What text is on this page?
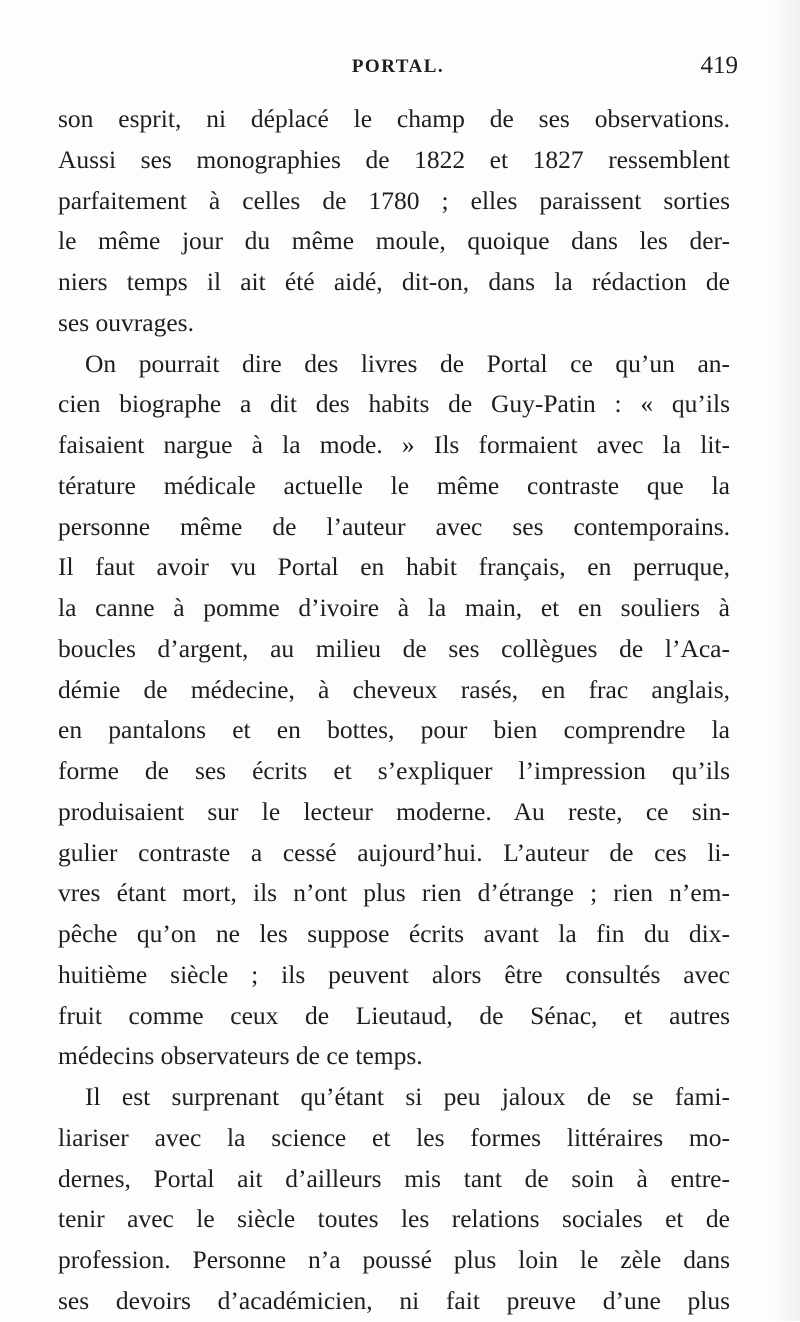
PORTAL.	419
son esprit, ni déplacé le champ de ses observations.
Aussi ses monographies de 1822 et 1827 ressemblent
parfaitement à celles de 1780 ; elles paraissent sorties
le même jour du même moule, quoique dans les der-
niers temps il ait été aidé, dit-on, dans la rédaction de
ses ouvrages.
On pourrait dire des livres de Portal ce qu’un an-
cien biographe a dit des habits de Guy-Patin : « qu’ils
faisaient nargue à la mode. » Ils formaient avec la lit-
térature médicale actuelle le même contraste que la
personne même de l’auteur avec ses contemporains.
Il faut avoir vu Portal en habit français, en perruque,
la canne à pomme d’ivoire à la main, et en souliers à
boucles d’argent, au milieu de ses collègues de l’Aca-
démie de médecine, à cheveux rasés, en frac anglais,
en pantalons et en bottes, pour bien comprendre la
forme de ses écrits et s’expliquer l’impression qu’ils
produisaient sur le lecteur moderne. Au reste, ce sin-
gulier contraste a cessé aujourd’hui. L’auteur de ces li-
vres étant mort, ils n’ont plus rien d’étrange ; rien n’em-
pêche qu’on ne les suppose écrits avant la fin du dix-
huitième siècle ; ils peuvent alors être consultés avec
fruit comme ceux de Lieutaud, de Sénac, et autres
médecins observateurs de ce temps.
Il est surprenant qu’étant si peu jaloux de se fami-
liariser avec la science et les formes littéraires mo-
dernes, Portal ait d’ailleurs mis tant de soin à entre-
tenir avec le siècle toutes les relations sociales et de
profession. Personne n’a poussé plus loin le zèle dans
ses devoirs d’académicien, ni fait preuve d’une plus
